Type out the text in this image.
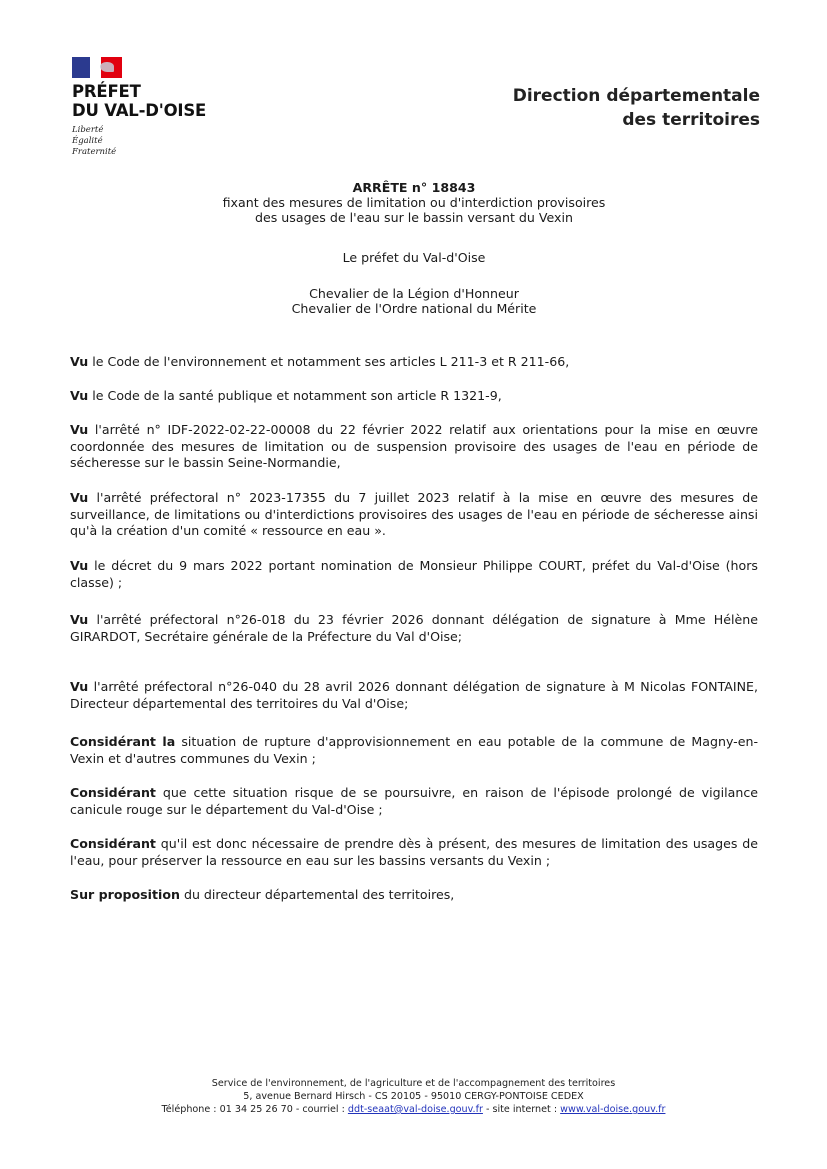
PRÉFET
DU VAL-D'OISE
Liberté
Égalité
Fraternité
Direction départementale
des territoires
ARRÊTE n° 18843
fixant des mesures de limitation ou d'interdiction provisoires
des usages de l'eau sur le bassin versant du Vexin
Le préfet du Val-d'Oise
Chevalier de la Légion d'Honneur
Chevalier de l'Ordre national du Mérite
Vu le Code de l'environnement et notamment ses articles L 211-3 et R 211-66,
Vu le Code de la santé publique et notamment son article R 1321-9,
Vu l'arrêté n° IDF-2022-02-22-00008 du 22 février 2022 relatif aux orientations pour la mise en œuvre coordonnée des mesures de limitation ou de suspension provisoire des usages de l'eau en période de sécheresse sur le bassin Seine-Normandie,
Vu l'arrêté préfectoral n° 2023-17355 du 7 juillet 2023 relatif à la mise en œuvre des mesures de surveillance, de limitations ou d'interdictions provisoires des usages de l'eau en période de sécheresse ainsi qu'à la création d'un comité « ressource en eau ».
Vu le décret du 9 mars 2022 portant nomination de Monsieur Philippe COURT, préfet du Val-d'Oise (hors classe) ;
Vu l'arrêté préfectoral n°26-018 du 23 février 2026 donnant délégation de signature à Mme Hélène GIRARDOT, Secrétaire générale de la Préfecture du Val d'Oise;
Vu l'arrêté préfectoral n°26-040 du 28 avril 2026 donnant délégation de signature à M Nicolas FONTAINE, Directeur départemental des territoires du Val d'Oise;
Considérant la situation de rupture d'approvisionnement en eau potable de la commune de Magny-en-Vexin et d'autres communes du Vexin ;
Considérant que cette situation risque de se poursuivre, en raison de l'épisode prolongé de vigilance canicule rouge sur le département du Val-d'Oise ;
Considérant qu'il est donc nécessaire de prendre dès à présent, des mesures de limitation des usages de l'eau, pour préserver la ressource en eau sur les bassins versants du Vexin ;
Sur proposition du directeur départemental des territoires,
Service de l'environnement, de l'agriculture et de l'accompagnement des territoires
5, avenue Bernard Hirsch - CS 20105 - 95010 CERGY-PONTOISE CEDEX
Téléphone : 01 34 25 26 70 - courriel : ddt-seaat@val-doise.gouv.fr - site internet : www.val-doise.gouv.fr
